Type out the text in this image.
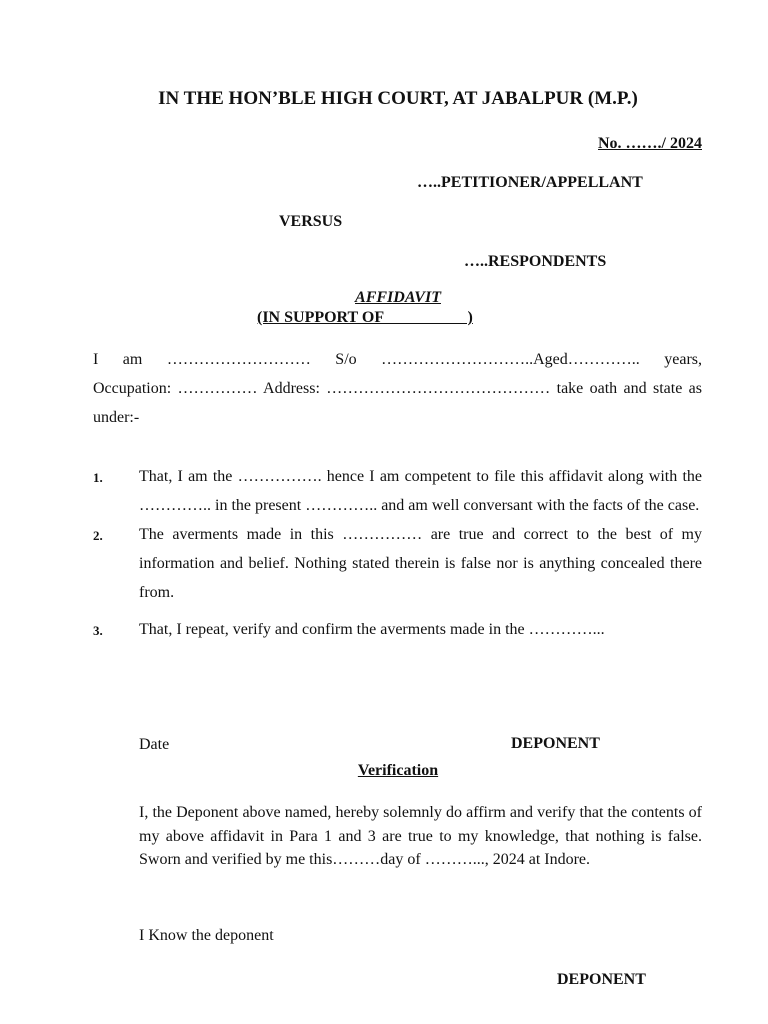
IN THE HON’BLE HIGH COURT, AT JABALPUR (M.P.)
No. ……./ 2024
…..PETITIONER/APPELLANT
VERSUS
…..RESPONDENTS
AFFIDAVIT
(IN SUPPORT OF                     )
I am ……………………… S/o ………………………..Aged………….. years,
Occupation: …………… Address: …………………………………… take oath and state as under:-
1.	That, I am the ……………. hence I am competent to file this affidavit along with the ………….. in the present ………….. and am well conversant with the facts of the case.
2.	The averments made in this …………… are true and correct to the best of my information and belief. Nothing stated therein is false nor is anything concealed there from.
3.	That, I repeat, verify and confirm the averments made in the …………...
Date	DEPONENT
Verification
I, the Deponent above named, hereby solemnly do affirm and verify that the contents of my above affidavit in Para 1 and 3 are true to my knowledge, that nothing is false. Sworn and verified by me this………day of ………..., 2024 at Indore.
I Know the deponent
DEPONENT
